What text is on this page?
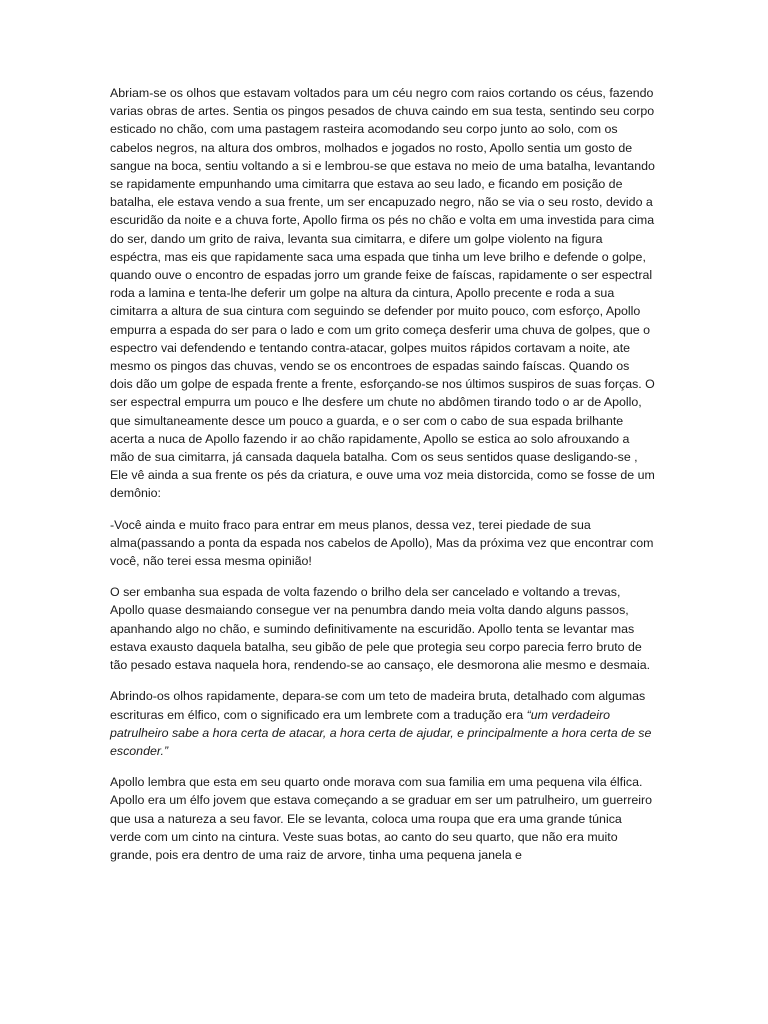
Abriam-se os olhos que estavam voltados para um céu negro com raios cortando os céus, fazendo varias obras de artes. Sentia os pingos pesados de chuva caindo em sua testa, sentindo seu corpo esticado no chão, com uma pastagem rasteira acomodando seu corpo junto ao solo, com os cabelos negros, na altura dos ombros, molhados e jogados no rosto, Apollo sentia um gosto de sangue na boca, sentiu voltando a si e lembrou-se que estava no meio de uma batalha, levantando se rapidamente empunhando uma cimitarra que estava ao seu lado, e ficando em posição de batalha, ele estava vendo a sua frente, um ser encapuzado negro, não se via o seu rosto, devido a escuridão da noite e a chuva forte, Apollo firma os pés no chão e volta em uma investida para cima do ser, dando um grito de raiva, levanta sua cimitarra, e difere um golpe violento na figura espéctra, mas eis que rapidamente saca uma espada que tinha um leve brilho e defende o golpe, quando ouve o encontro de espadas jorro um grande feixe de faíscas, rapidamente o ser espectral roda a lamina e tenta-lhe deferir um golpe na altura da cintura, Apollo precente e roda a sua cimitarra a altura de sua cintura com seguindo se defender por muito pouco, com esforço, Apollo empurra a espada do ser para o lado e com um grito começa desferir uma chuva de golpes, que o espectro vai defendendo e tentando contra-atacar, golpes muitos rápidos cortavam a noite, ate mesmo os pingos das chuvas, vendo se os encontroes de espadas saindo faíscas. Quando os dois dão um golpe de espada frente a frente, esforçando-se nos últimos suspiros de suas forças. O ser espectral empurra um pouco e lhe desfere um chute no abdômen tirando todo o ar de Apollo, que simultaneamente desce um pouco a guarda, e o ser com o cabo de sua espada brilhante acerta a nuca de Apollo fazendo ir ao chão rapidamente, Apollo se estica ao solo afrouxando a mão de sua cimitarra, já cansada daquela batalha. Com os seus sentidos quase desligando-se , Ele vê ainda a sua frente os pés da criatura, e ouve uma voz meia distorcida, como se fosse de um demônio:

-Você ainda e muito fraco para entrar em meus planos, dessa vez, terei piedade de sua alma(passando a ponta da espada nos cabelos de Apollo), Mas da próxima vez que encontrar com você, não terei essa mesma opinião!

O ser embanha sua espada de volta fazendo o brilho dela ser cancelado e voltando a trevas, Apollo quase desmaiando consegue ver na penumbra dando meia volta dando alguns passos, apanhando algo no chão, e sumindo definitivamente na escuridão. Apollo tenta se levantar mas estava exausto daquela batalha, seu gibão de pele que protegia seu corpo parecia ferro bruto de tão pesado estava naquela hora, rendendo-se ao cansaço, ele desmorona alie mesmo e desmaia.

Abrindo-os olhos rapidamente, depara-se com um teto de madeira bruta, detalhado com algumas escrituras em élfico, com o significado era um lembrete com a tradução era “um verdadeiro patrulheiro sabe a hora certa de atacar, a hora certa de ajudar, e principalmente a hora certa de se esconder.”

Apollo lembra que esta em seu quarto onde morava com sua familia em uma pequena vila élfica. Apollo era um élfo jovem que estava começando a se graduar em ser um patrulheiro, um guerreiro que usa a natureza a seu favor. Ele se levanta, coloca uma roupa que era uma grande túnica verde com um cinto na cintura. Veste suas botas, ao canto do seu quarto, que não era muito grande, pois era dentro de uma raiz de arvore, tinha uma pequena janela e
